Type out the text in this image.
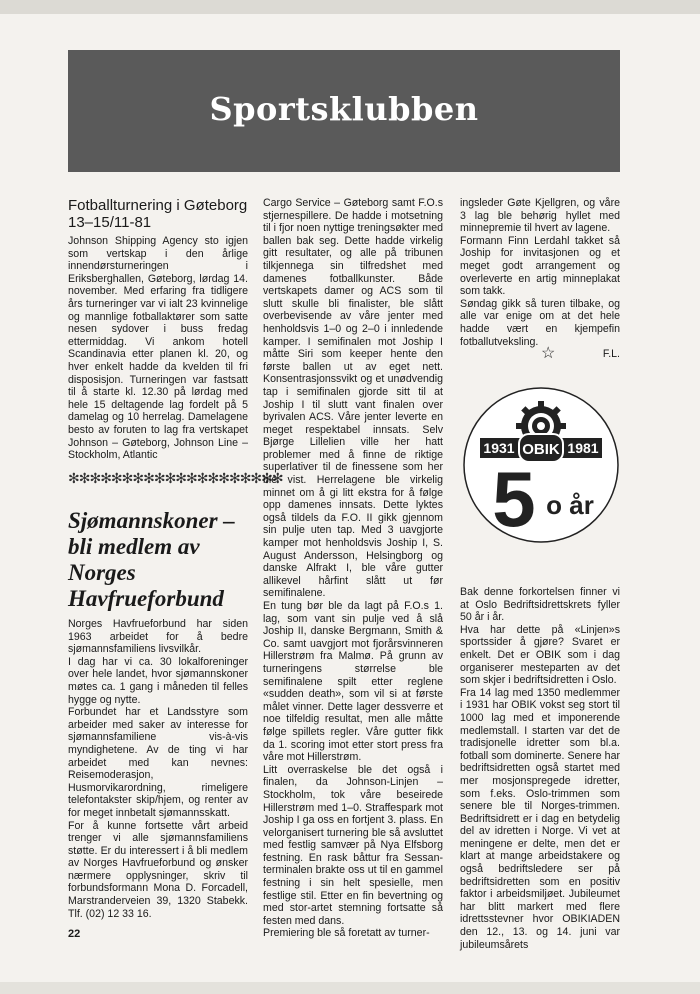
Sportsklubben
Fotballturnering i Gøteborg 13–15/11-81

Johnson Shipping Agency sto igjen som vertskap i den årlige innendørsturneringen i Eriksberghallen, Gøteborg, lørdag 14. november. Med erfaring fra tidligere års turneringer var vi ialt 23 kvinnelige og mannlige fotballaktører som satte nesen sydover i buss fredag ettermiddag. Vi ankom hotell Scandinavia etter planen kl. 20, og hver enkelt hadde da kvelden til fri disposisjon. Turneringen var fastsatt til å starte kl. 12.30 på lørdag med hele 15 deltagende lag fordelt på 5 damelag og 10 herrelag. Damelagene besto av foruten to lag fra vertskapet Johnson – Gøteborg, Johnson Line – Stockholm, Atlantic

✻✻✻✻✻✻✻✻✻✻✻✻✻✻✻✻✻✻✻✻
Sjømannskoner – bli medlem av Norges Havfrueforbund

Norges Havfrueforbund har siden 1963 arbeidet for å bedre sjømannsfamiliens livsvilkår.

I dag har vi ca. 30 lokalforeninger over hele landet, hvor sjømannskoner møtes ca. 1 gang i måneden til felles hygge og nytte.

Forbundet har et Landsstyre som arbeider med saker av interesse for sjømannsfamiliene vis-à-vis myndighetene. Av de ting vi har arbeidet med kan nevnes: Reisemoderasjon, Husmorvikarordning, rimeligere telefontakster skip/hjem, og renter av for meget innbetalt sjømannsskatt.

For å kunne fortsette vårt arbeid trenger vi alle sjømannsfamiliens støtte. Er du interessert i å bli medlem av Norges Havfrueforbund og ønsker nærmere opplysninger, skriv til forbundsformann Mona D. Forcadell, Marstranderveien 39, 1320 Stabekk. Tlf. (02) 12 33 16.

Cargo Service – Gøteborg samt F.O.s stjernespillere. De hadde i motsetning til i fjor noen nyttige treningsøkter med ballen bak seg. Dette hadde virkelig gitt resultater, og alle på tribunen tilkjennega sin tilfredshet med damenes fotballkunster. Både vertskapets damer og ACS som til slutt skulle bli finalister, ble slått overbevisende av våre jenter med henholdsvis 1–0 og 2–0 i innledende kamper. I semifinalen mot Joship I måtte Siri som keeper hente den første ballen ut av eget nett. Konsentrasjonssvikt og et unødvendig tap i semifinalen gjorde sitt til at Joship I til slutt vant finalen over byrivalen ACS. Våre jenter leverte en meget respektabel innsats. Selv Bjørge Lillelien ville her hatt problemer med å finne de riktige superlativer til de finessene som her ble vist. Herrelagene ble virkelig minnet om å gi litt ekstra for å følge opp damenes innsats. Dette lyktes også tildels da F.O. II gikk gjennom sin pulje uten tap. Med 3 uavgjorte kamper mot henholdsvis Joship I, S. August Andersson, Helsingborg og danske Alfrakt I, ble våre gutter allikevel hårfint slått ut før semifinalene.

En tung bør ble da lagt på F.O.s 1. lag, som vant sin pulje ved å slå Joship II, danske Bergmann, Smith & Co. samt uavgjort mot fjorårsvinneren Hillerstrøm fra Malmø. På grunn av turneringens størrelse ble semifinalene spilt etter reglene «sudden death», som vil si at første målet vinner. Dette lager dessverre et noe tilfeldig resultat, men alle måtte følge spillets regler. Våre gutter fikk da 1. scoring imot etter stort press fra våre mot Hillerstrøm.

Litt overraskelse ble det også i finalen, da Johnson-Linjen – Stockholm, tok våre beseirede Hillerstrøm med 1–0. Straffespark mot Joship I ga oss en fortjent 3. plass. En velorganisert turnering ble så avsluttet med festlig samvær på Nya Elfsborg festning. En rask båttur fra Sessan-terminalen brakte oss ut til en gammel festning i sin helt spesielle, men festlige stil. Etter en fin bevertning og med stor-artet stemning fortsatte så festen med dans.

Premiering ble så foretatt av turner-

ingsleder Gøte Kjellgren, og våre 3 lag ble behørig hyllet med minnepremie til hvert av lagene.

Formann Finn Lerdahl takket så Joship for invitasjonen og et meget godt arrangement og overleverte en artig minneplakat som takk.

Søndag gikk så turen tilbake, og alle var enige om at det hele hadde vært en kjempefin fotballutveksling.

F.L.

☆
1931 OBIK 1981
5 o år

Bak denne forkortelsen finner vi at Oslo Bedriftsidrettskrets fyller 50 år i år.

Hva har dette på «Linjen»s sportssider å gjøre? Svaret er enkelt. Det er OBIK som i dag organiserer mesteparten av det som skjer i bedriftsidretten i Oslo.

Fra 14 lag med 1350 medlemmer i 1931 har OBIK vokst seg stort til 1000 lag med et imponerende medlemstall. I starten var det de tradisjonelle idretter som bl.a. fotball som dominerte. Senere har bedriftsidretten også startet med mer mosjonspregede idretter, som f.eks. Oslo-trimmen som senere ble til Norges-trimmen. Bedriftsidrett er i dag en betydelig del av idretten i Norge. Vi vet at meningene er delte, men det er klart at mange arbeidstakere og også bedriftsledere ser på bedriftsidretten som en positiv faktor i arbeidsmiljøet. Jubileumet har blitt markert med flere idrettsstevner hvor OBIKIADEN den 12., 13. og 14. juni var jubileumsårets

22
